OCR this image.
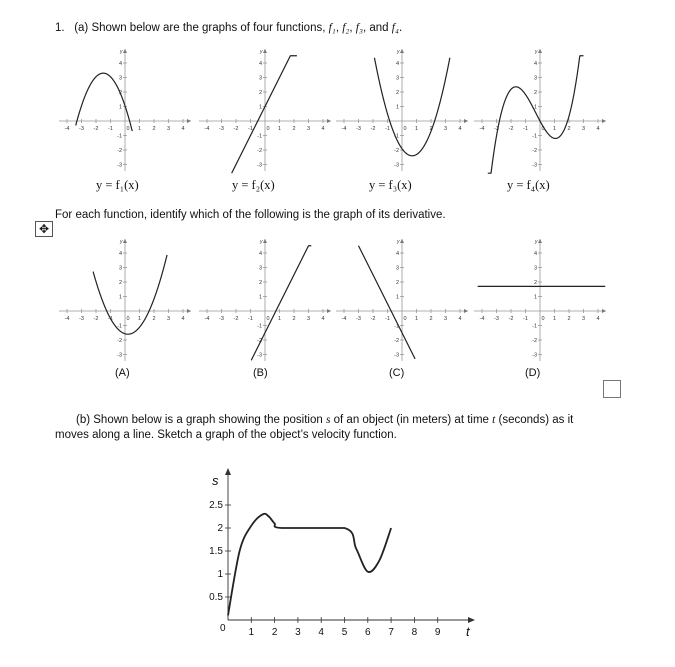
1. (a) Shown below are the graphs of four functions, f₁, f₂, f₃, and f₄.
-4 -3 -2 -1 0 1 2 3 4
-3
-2
-1
1
2
3
4
y
-4 -3 -2 -1 0 1 2 3 4
-3
-2
-1
1
2
3
4
y
-4 -3 -2 -1 0 1 2 3 4
-3
-2
-1
1
2
3
4
y
-4 -3 -2 -1 0 1 2 3 4
-3
-2
-1
1
2
3
4
y
y = f₁(x)	y = f₂(x)	y = f₃(x)	y = f₄(x)
For each function, identify which of the following is the graph of its derivative.
✥
-4 -3 -2 -1 0 1 2 3 4
-3
-2
-1
1
2
3
4
y
-4 -3 -2 -1 0 1 2 3 4
-3
-2
-1
1
2
3
4
y
-4 -3 -2 -1 0 1 2 3 4
-3
-2
-1
1
2
3
4
y
-4 -3 -2 -1 0 1 2 3 4
-3
-2
-1
1
2
3
4
y
(A)	(B)	(C)	(D)
(b) Shown below is a graph showing the position s of an object (in meters) at time t (seconds) as it
moves along a line. Sketch a graph of the object’s velocity function.
s
t
0 1 2 3 4 5 6 7 8 9
0.5
1
1.5
2
2.5
